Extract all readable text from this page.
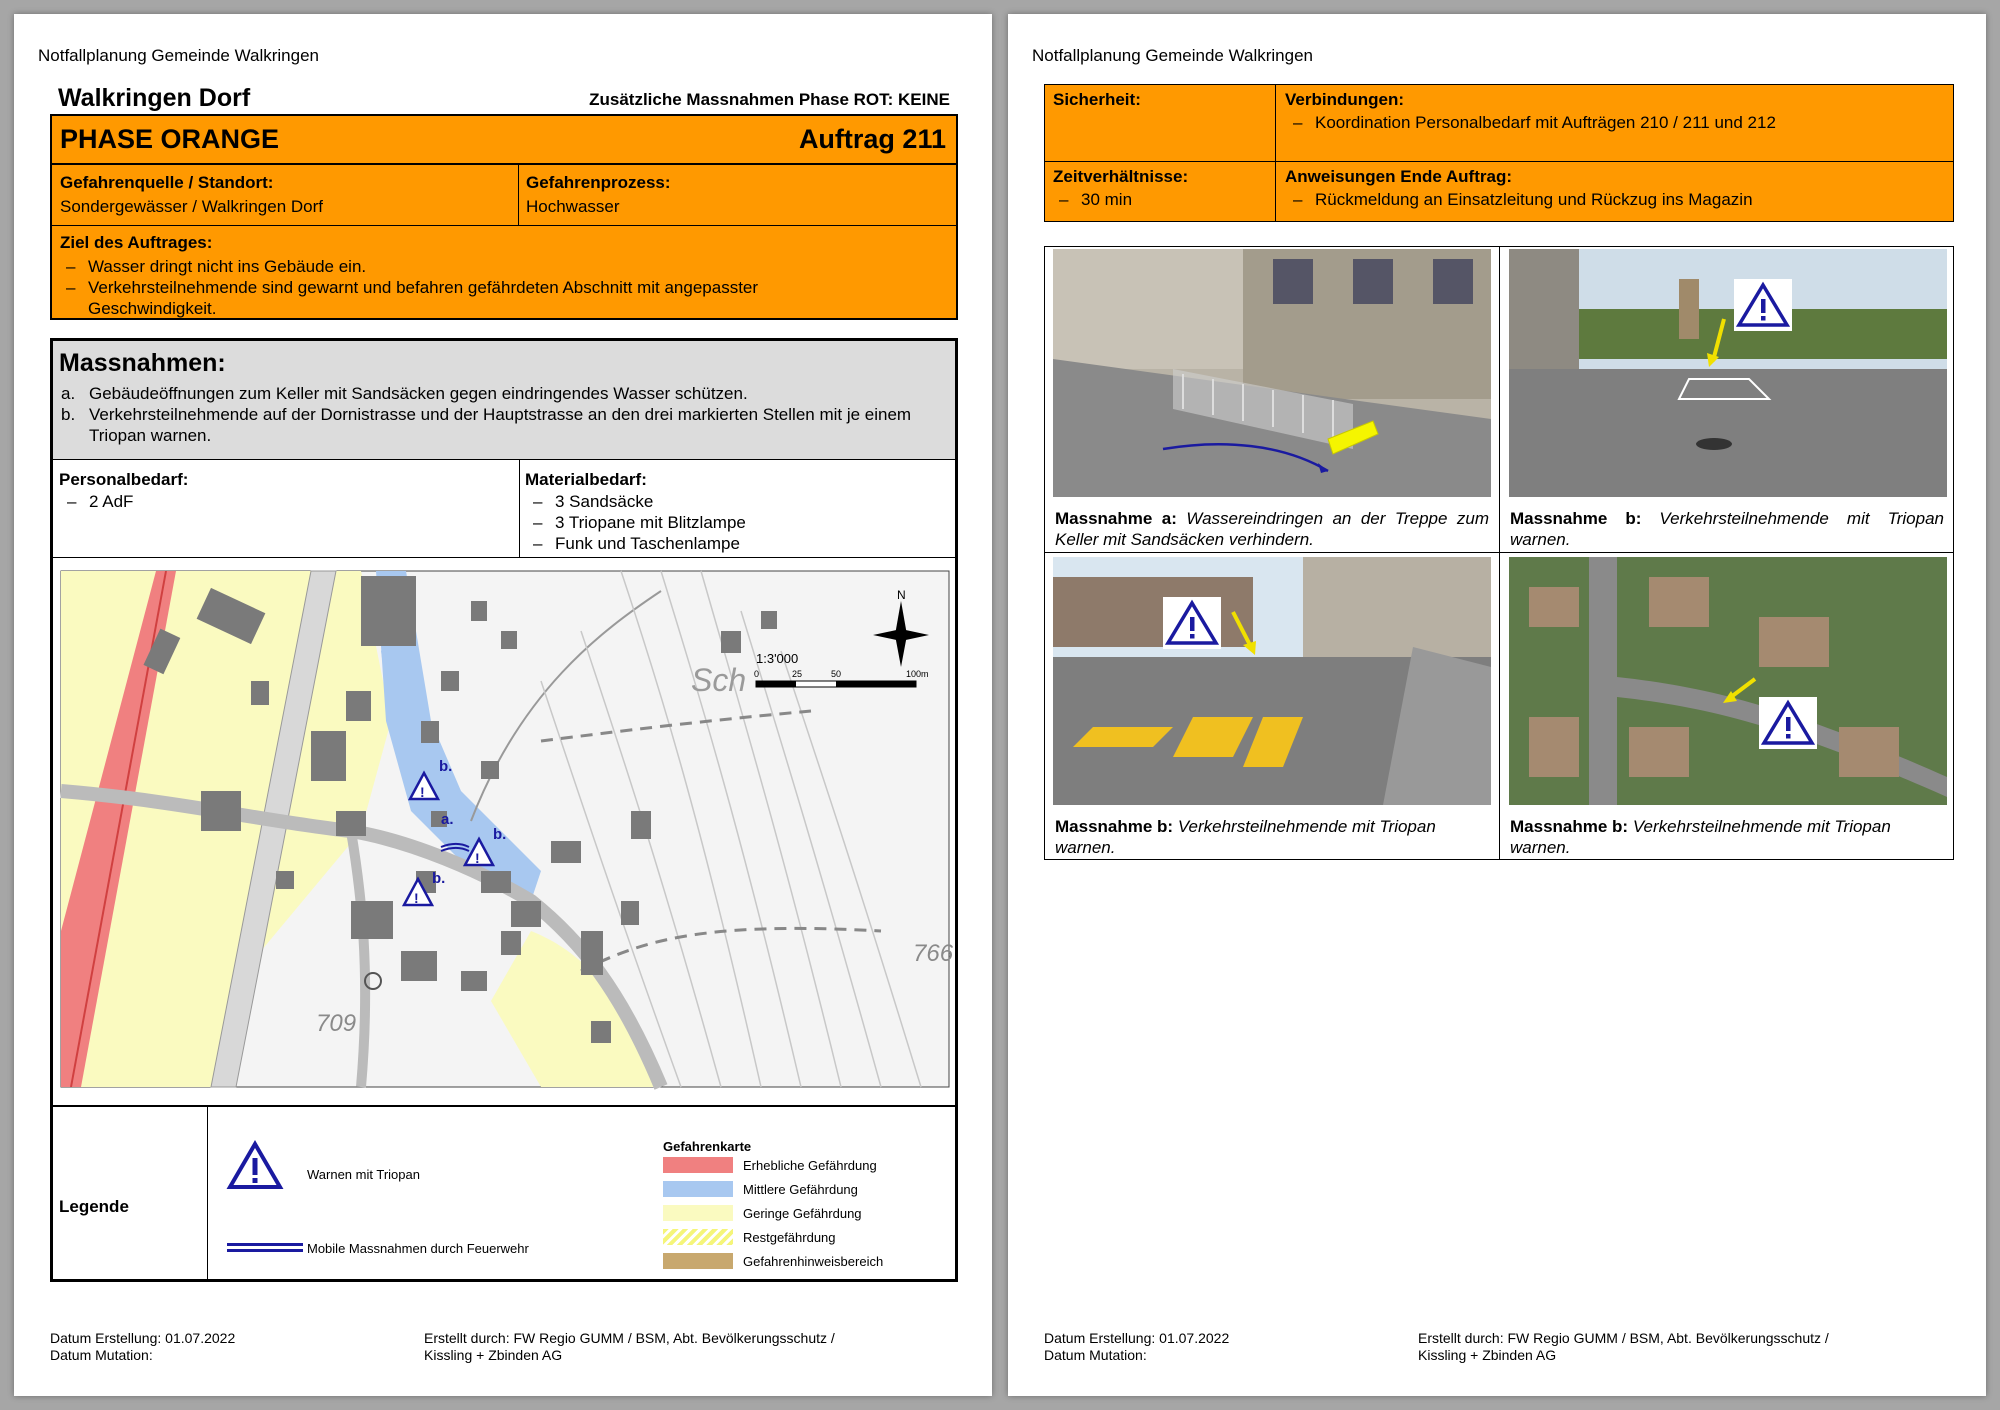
Notfallplanung Gemeinde Walkringen
Walkringen Dorf	Zusätzliche Massnahmen Phase ROT: KEINE
PHASE ORANGE	Auftrag 211
Gefahrenquelle / Standort:
Sondergewässer / Walkringen Dorf
Gefahrenprozess:
Hochwasser
Ziel des Auftrages:
– Wasser dringt nicht ins Gebäude ein.
– Verkehrsteilnehmende sind gewarnt und befahren gefährdeten Abschnitt mit angepasster Geschwindigkeit.
Massnahmen:
a. Gebäudeöffnungen zum Keller mit Sandsäcken gegen eindringendes Wasser schützen.
b. Verkehrsteilnehmende auf der Dornistrasse und der Hauptstrasse an den drei markierten Stellen mit je einem Triopan warnen.
Personalbedarf:
– 2 AdF
Materialbedarf:
– 3 Sandsäcke
– 3 Triopane mit Blitzlampe
– Funk und Taschenlampe
1:3'000
0	25	50	100m
N
Sch
709
766
!
!
!
a.
b.
b.
b.
Legende
Warnen mit Triopan
Mobile Massnahmen durch Feuerwehr
Gefahrenkarte
Erhebliche Gefährdung
Mittlere Gefährdung
Geringe Gefährdung
Restgefährdung
Gefahrenhinweisbereich
Datum Erstellung: 01.07.2022
Datum Mutation:
Erstellt durch: FW Regio GUMM / BSM, Abt. Bevölkerungsschutz /
Kissling + Zbinden AG
Notfallplanung Gemeinde Walkringen
Sicherheit:	Verbindungen:
– Koordination Personalbedarf mit Aufträgen 210 / 211 und 212
Zeitverhältnisse:
– 30 min
Anweisungen Ende Auftrag:
– Rückmeldung an Einsatzleitung und Rückzug ins Magazin
Massnahme a: Wassereindringen an der Treppe zum Keller mit Sandsäcken verhindern.
Massnahme b: Verkehrsteilnehmende mit Triopan warnen.
Massnahme b: Verkehrsteilnehmende mit Triopan warnen.
Massnahme b: Verkehrsteilnehmende mit Triopan warnen.
Datum Erstellung: 01.07.2022
Datum Mutation:
Erstellt durch: FW Regio GUMM / BSM, Abt. Bevölkerungsschutz /
Kissling + Zbinden AG
